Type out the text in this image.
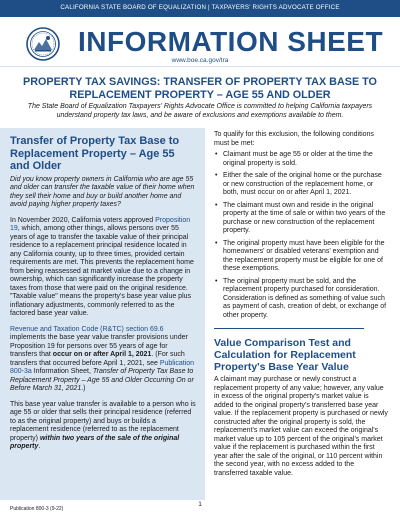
CALIFORNIA STATE BOARD OF EQUALIZATION | TAXPAYERS' RIGHTS ADVOCATE OFFICE
INFORMATION SHEET
www.boe.ca.gov/tra
PROPERTY TAX SAVINGS: TRANSFER OF PROPERTY TAX BASE TO REPLACEMENT PROPERTY – AGE 55 AND OLDER
The State Board of Equalization Taxpayers' Rights Advocate Office is committed to helping California taxpayers understand property tax laws, and be aware of exclusions and exemptions available to them.
Transfer of Property Tax Base to Replacement Property – Age 55 and Older

Did you know property owners in California who are age 55 and older can transfer the taxable value of their home when they sell their home and buy or build another home and avoid paying higher property taxes?

In November 2020, California voters approved Proposition 19, which, among other things, allows persons over 55 years of age to transfer the taxable value of their principal residence to a replacement principal residence located in any California county, up to three times, provided certain requirements are met. This prevents the replacement home from being reassessed at market value due to a change in ownership, which can significantly increase the property taxes from those that were paid on the original residence. "Taxable value" means the property's base year value plus inflationary adjustments, commonly referred to as the factored base year value.

Revenue and Taxation Code (R&TC) section 69.6 implements the base year value transfer provisions under Proposition 19 for persons over 55 years of age for transfers that occur on or after April 1, 2021. (For such transfers that occurred before April 1, 2021, see Publication 800-3a Information Sheet, Transfer of Property Tax Base to Replacement Property – Age 55 and Older Occurring On or Before March 31, 2021.)

This base year value transfer is available to a person who is age 55 or older that sells their principal residence (referred to as the original property) and buys or builds a replacement residence (referred to as the replacement property) within two years of the sale of the original property.

To qualify for this exclusion, the following conditions must be met:

• Claimant must be age 55 or older at the time the original property is sold.
• Either the sale of the original home or the purchase or new construction of the replacement home, or both, must occur on or after April 1, 2021.
• The claimant must own and reside in the original property at the time of sale or within two years of the purchase or new construction of the replacement property.
• The original property must have been eligible for the homeowners' or disabled veterans' exemption and the replacement property must be eligible for one of these exemptions.
• The original property must be sold, and the replacement property purchased for consideration. Consideration is defined as something of value such as payment of cash, creation of debt, or exchange of other property.
Value Comparison Test and Calculation for Replacement Property's Base Year Value

A claimant may purchase or newly construct a replacement property of any value; however, any value in excess of the original property's market value is added to the original property's transferred base year value. If the replacement property is purchased or newly constructed after the original property is sold, the replacement's market value can exceed the original's market value up to 105 percent of the original's market value if the replacement is purchased within the first year after the sale of the original, or 110 percent within the second year, with no excess added to the transferred taxable value.

Publication 800-3 (9-22)
1
